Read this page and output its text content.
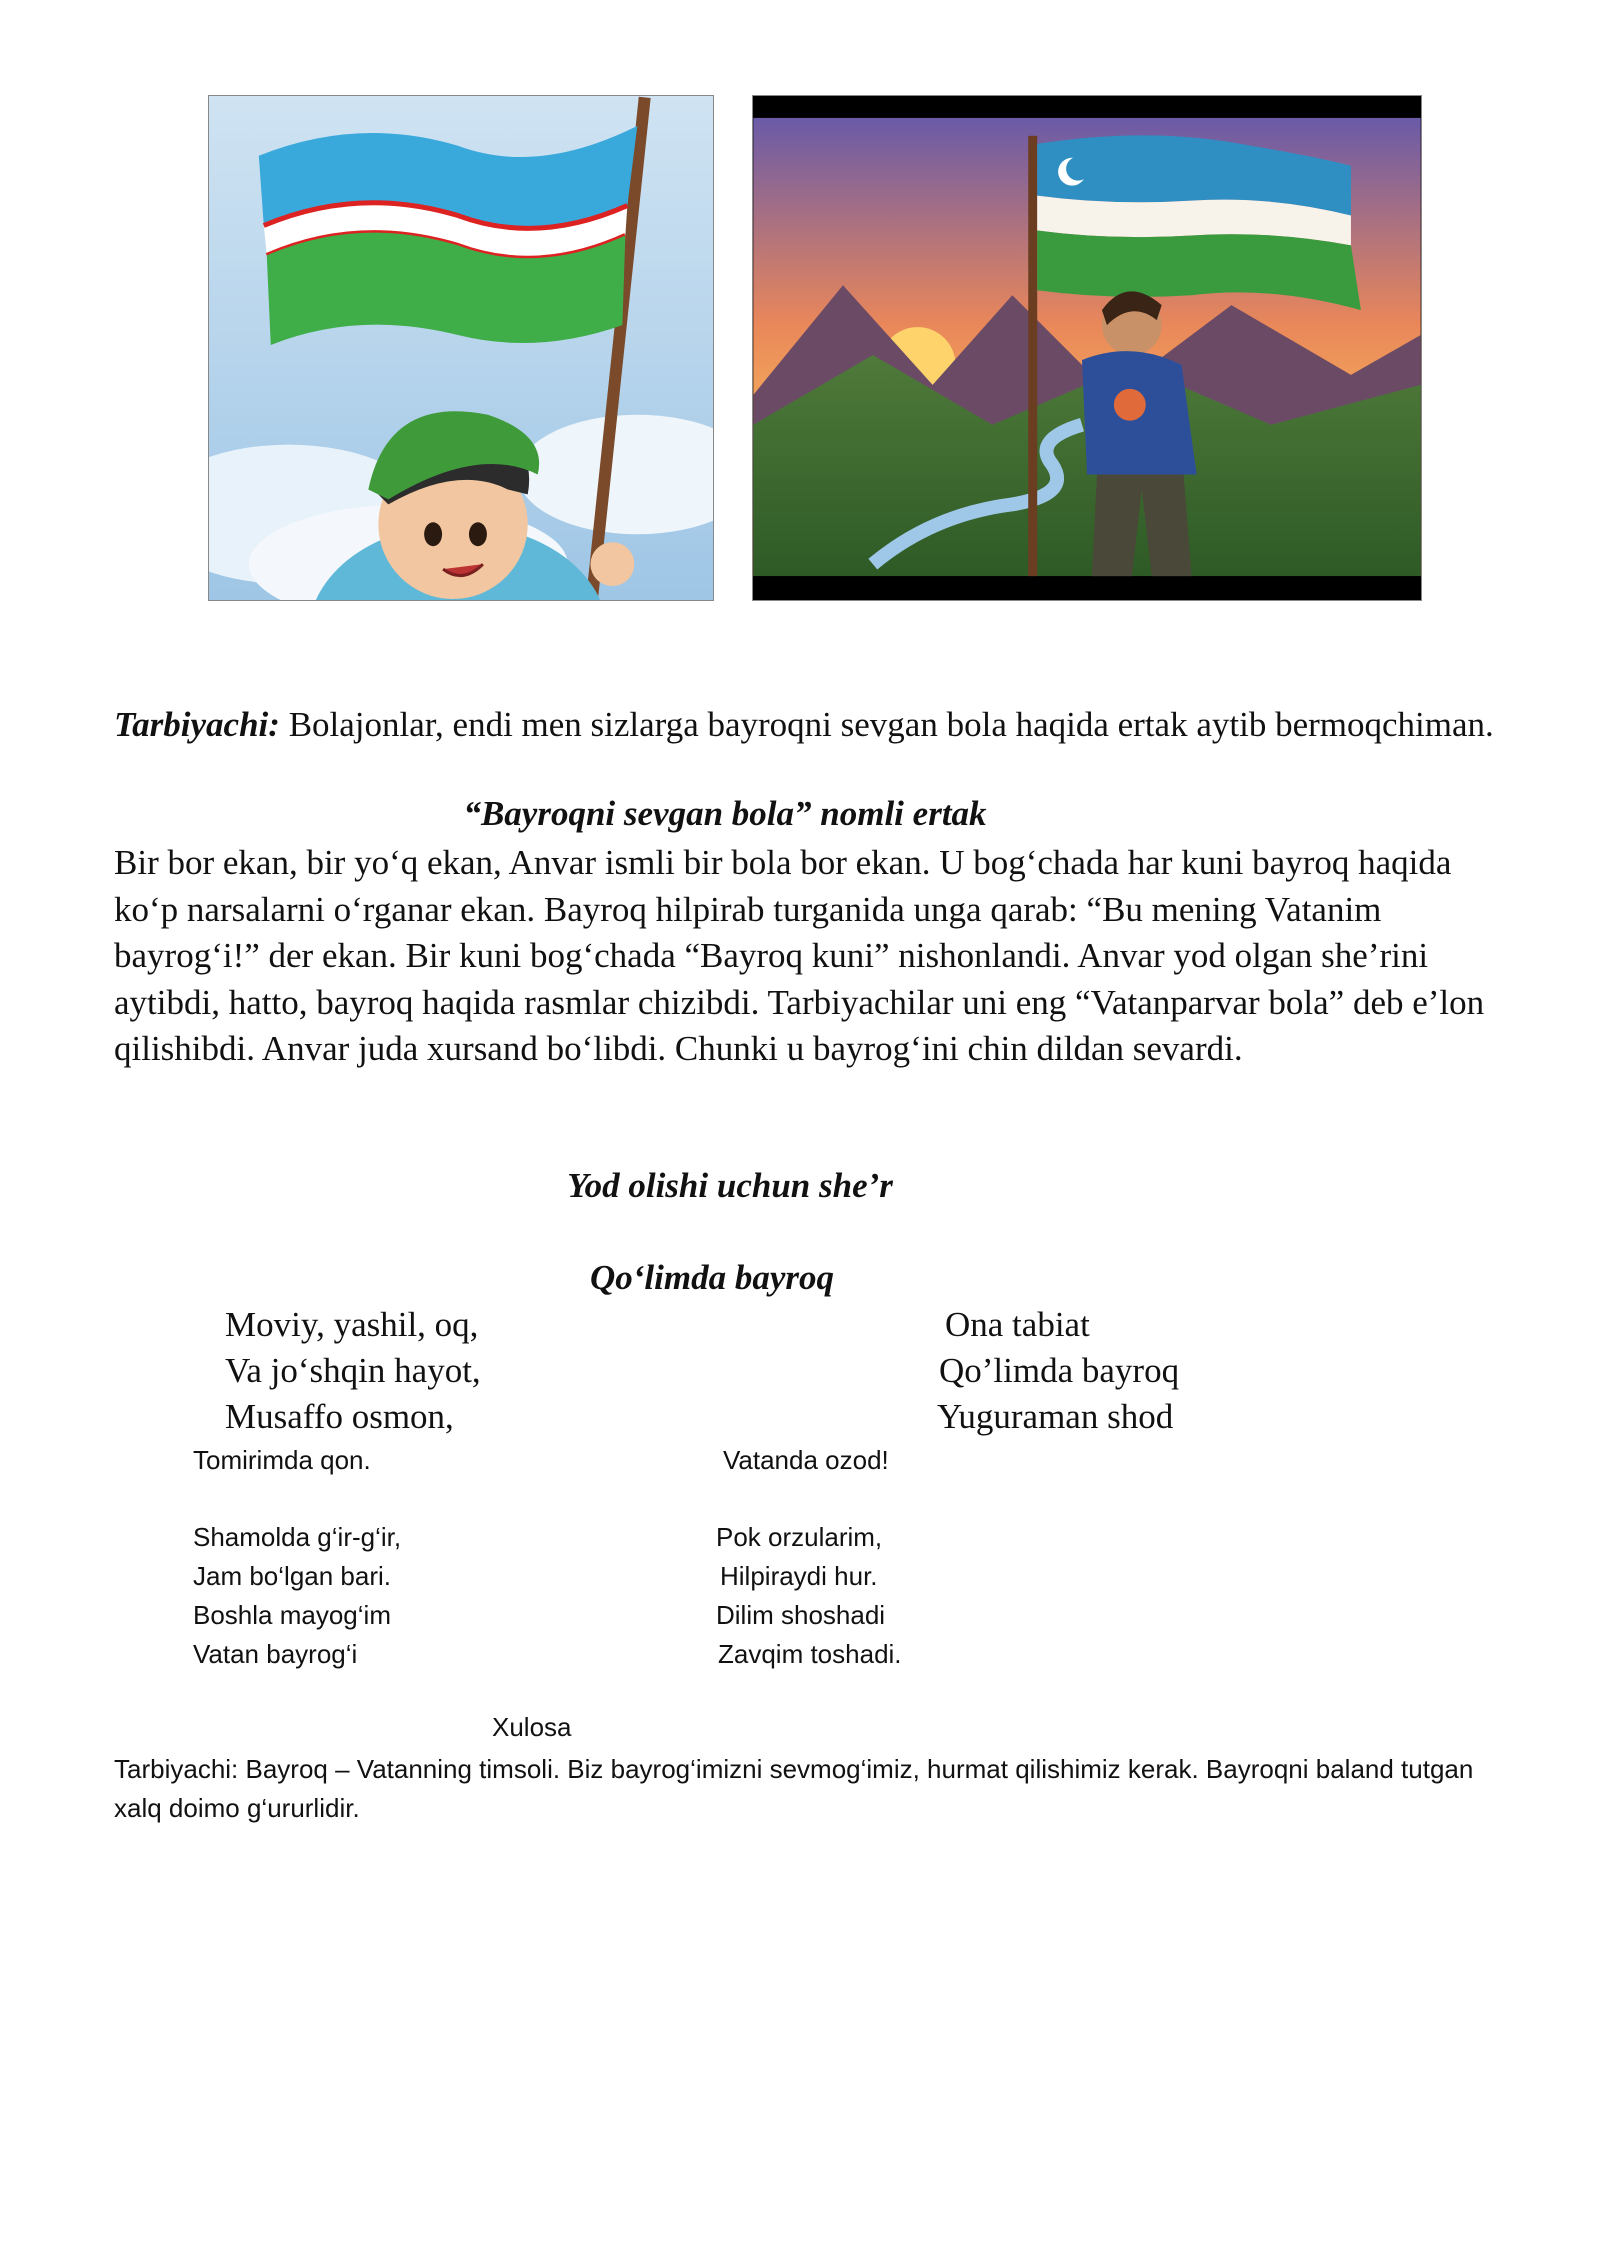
Tarbiyachi: Bolajonlar, endi men sizlarga bayroqni sevgan bola haqida ertak aytib bermoqchiman.

“Bayroqni sevgan bola” nomli ertak

Bir bor ekan, bir yo‘q ekan, Anvar ismli bir bola bor ekan. U bog‘chada har kuni bayroq haqida ko‘p narsalarni o‘rganar ekan. Bayroq hilpirab turganida unga qarab: “Bu mening Vatanim bayrog‘i!” der ekan. Bir kuni bog‘chada “Bayroq kuni” nishonlandi. Anvar yod olgan she’rini aytibdi, hatto, bayroq haqida rasmlar chizibdi. Tarbiyachilar uni eng “Vatanparvar bola” deb e’lon qilishibdi. Anvar juda xursand bo‘libdi. Chunki u bayrog‘ini chin dildan sevardi.

Yod olishi uchun she’r

Qo‘limda bayroq

Moviy, yashil, oq,

Va jo‘shqin hayot,

Musaffo osmon,

Ona tabiat

Qo’limda bayroq

Yuguraman shod

Tomirimda qon.	Vatanda ozod!

Shamolda g‘ir-g‘ir,

Jam bo‘lgan bari.

Boshla mayog‘im

Vatan bayrog‘i

Pok orzularim,

Hilpiraydi hur.

Dilim shoshadi

Zavqim toshadi.

Xulosa

Tarbiyachi: Bayroq – Vatanning timsoli. Biz bayrog‘imizni sevmog‘imiz, hurmat qilishimiz kerak. Bayroqni baland tutgan xalq doimo g‘ururlidir.
